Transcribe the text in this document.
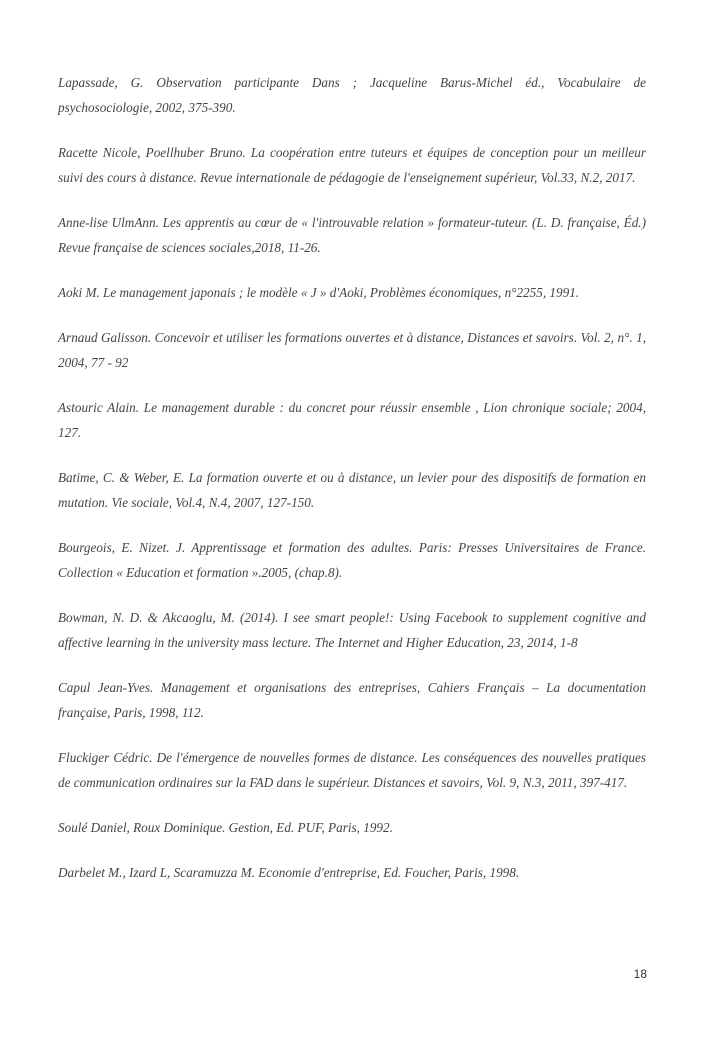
Lapassade, G. Observation participante Dans ; Jacqueline Barus-Michel éd., Vocabulaire de psychosociologie, 2002, 375-390.
Racette Nicole, Poellhuber Bruno. La coopération entre tuteurs et équipes de conception pour un meilleur suivi des cours à distance. Revue internationale de pédagogie de l'enseignement supérieur, Vol.33, N.2, 2017.
Anne-lise UlmAnn. Les apprentis au cœur de « l'introuvable relation » formateur-tuteur. (L. D. française, Éd.) Revue française de sciences sociales,2018, 11-26.
Aoki M. Le management japonais ; le modèle « J » d'Aoki, Problèmes économiques, n°2255, 1991.
Arnaud Galisson. Concevoir et utiliser les formations ouvertes et à distance, Distances et savoirs. Vol. 2, n°. 1, 2004, 77 - 92
Astouric Alain. Le management durable : du concret pour réussir ensemble , Lion chronique sociale; 2004, 127.
Batime, C. & Weber, E. La formation ouverte et ou à distance, un levier pour des dispositifs de formation en mutation. Vie sociale, Vol.4, N.4, 2007, 127-150.
Bourgeois, E. Nizet. J. Apprentissage et formation des adultes. Paris: Presses Universitaires de France. Collection « Education et formation ».2005, (chap.8).
Bowman, N. D. & Akcaoglu, M. (2014). I see smart people!: Using Facebook to supplement cognitive and affective learning in the university mass lecture. The Internet and Higher Education, 23, 2014, 1-8
Capul Jean-Yves. Management et organisations des entreprises, Cahiers Français – La documentation française, Paris, 1998, 112.
Fluckiger Cédric. De l'émergence de nouvelles formes de distance. Les conséquences des nouvelles pratiques de communication ordinaires sur la FAD dans le supérieur. Distances et savoirs, Vol. 9, N.3, 2011, 397-417.
Soulé Daniel, Roux Dominique. Gestion, Ed. PUF, Paris, 1992.
Darbelet M., Izard L, Scaramuzza M. Economie d'entreprise, Ed. Foucher, Paris, 1998.
18
